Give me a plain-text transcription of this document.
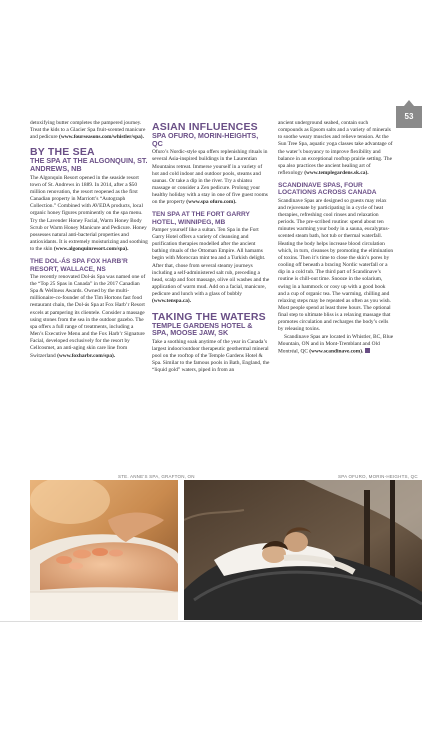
53

detoxifying butter completes the pampered journey. Treat the kids to a Glacier Spa fruit-scented manicure and pedicure (www.fourseasons.com/whistler/spa).

BY THE SEA
THE SPA AT THE ALGONQUIN, ST. ANDREWS, NB

The Algonquin Resort opened in the seaside resort town of St. Andrews in 1889. In 2014, after a $50 million renovation, the resort reopened as the first Canadian property in Marriott’s “Autograph Collection.” Combined with AVEDA products, local organic honey figures prominently on the spa menu. Try the Lavender Honey Facial, Warm Honey Body Scrub or Warm Honey Manicure and Pedicure. Honey possesses natural anti-bacterial properties and antioxidants. It is extremely moisturizing and soothing to the skin (www.algonquinresort.com/spa).

THE DOL-ÁS SPA FOX HARB’R RESORT, WALLACE, NS

The recently renovated Dol-ás Spa was named one of the “Top 25 Spas in Canada” in the 2017 Canadian Spa & Wellness Awards. Owned by the multi-millionaire-co-founder of the Tim Hortons fast food restaurant chain, the Dol-ás Spa at Fox Harb’r Resort excels at pampering its clientele. Consider a massage using stones from the sea in the outdoor gazebo. The spa offers a full range of treatments, including a Men’s Executive Menu and the Fox Harb’r Signature Facial, developed exclusively for the resort by Cellcosmet, an anti-aging skin care line from Switzerland (www.foxharbr.com/spa).

ASIAN INFLUENCES
SPA OFURO, MORIN-HEIGHTS, QC

Ofuro’s Nordic-style spa offers replenishing rituals in several Asia-inspired buildings in the Laurentian Mountains retreat. Immerse yourself in a variety of hot and cold indoor and outdoor pools, steams and saunas. Or take a dip in the river. Try a shiatsu massage or consider a Zen pedicure. Prolong your healthy holiday with a stay in one of five guest rooms on the property (www.spa ofuro.com).

TEN SPA AT THE FORT GARRY HOTEL, WINNIPEG, MB

Pamper yourself like a sultan. Ten Spa in the Fort Garry Hotel offers a variety of cleansing and purification therapies modelled after the ancient bathing rituals of the Ottoman Empire. All hamams begin with Moroccan mint tea and a Turkish delight. After that, chose from several steamy journeys including a self-administered salt rub, preceding a head, scalp and foot massage, olive oil washes and the application of warm mud. Add on a facial, manicure, pedicure and lunch with a glass of bubbly (www.tenspa.ca).

TAKING THE WATERS
TEMPLE GARDENS HOTEL & SPA, MOOSE JAW, SK

Take a soothing soak anytime of the year in Canada’s largest indoor/outdoor therapeutic geothermal mineral pool on the rooftop of the Temple Gardens Hotel & Spa. Similar to the famous pools in Bath, England, the “liquid gold” waters, piped in from an

ancient underground seabed, contain such compounds as Epsom salts and a variety of minerals to soothe weary muscles and relieve tension. At the Sun Tree Spa, aquatic yoga classes take advantage of the water’s buoyancy to improve flexibility and balance in an exceptional rooftop prairie setting. The spa also practices the ancient healing art of reflexology (www.templegardens.sk.ca).

SCANDINAVE SPAS, FOUR LOCATIONS ACROSS CANADA

Scandinave Spas are designed so guests may relax and rejuvenate by participating in a cycle of heat therapies, refreshing cool rinses and relaxation periods. The pre-scribed routine: spend about ten minutes warming your body in a sauna, eucalyptus-scented steam bath, hot tub or thermal waterfall. Heating the body helps increase blood circulation which, in turn, cleanses by promoting the elimination of toxins. Then it’s time to close the skin’s pores by cooling off beneath a bracing Nordic waterfall or a dip in a cold tub. The third part of Scandinave’s routine is chill-out time. Snooze in the solarium, swing in a hammock or cosy up with a good book and a cup of organic tea. The warming, chilling and relaxing steps may be repeated as often as you wish. Most people spend at least three hours. The optional final step to ultimate bliss is a relaxing massage that promotes circulation and recharges the body’s cells by releasing toxins.

Scandinave Spas are located in Whistler, BC, Blue Mountain, ON and in Mont-Tremblant and Old Montréal, QC (www.scandinave.com).

STE. ANNE’S SPA, GRAFTON, ON	SPA OFURO, MORIN-HEIGHTS, QC
